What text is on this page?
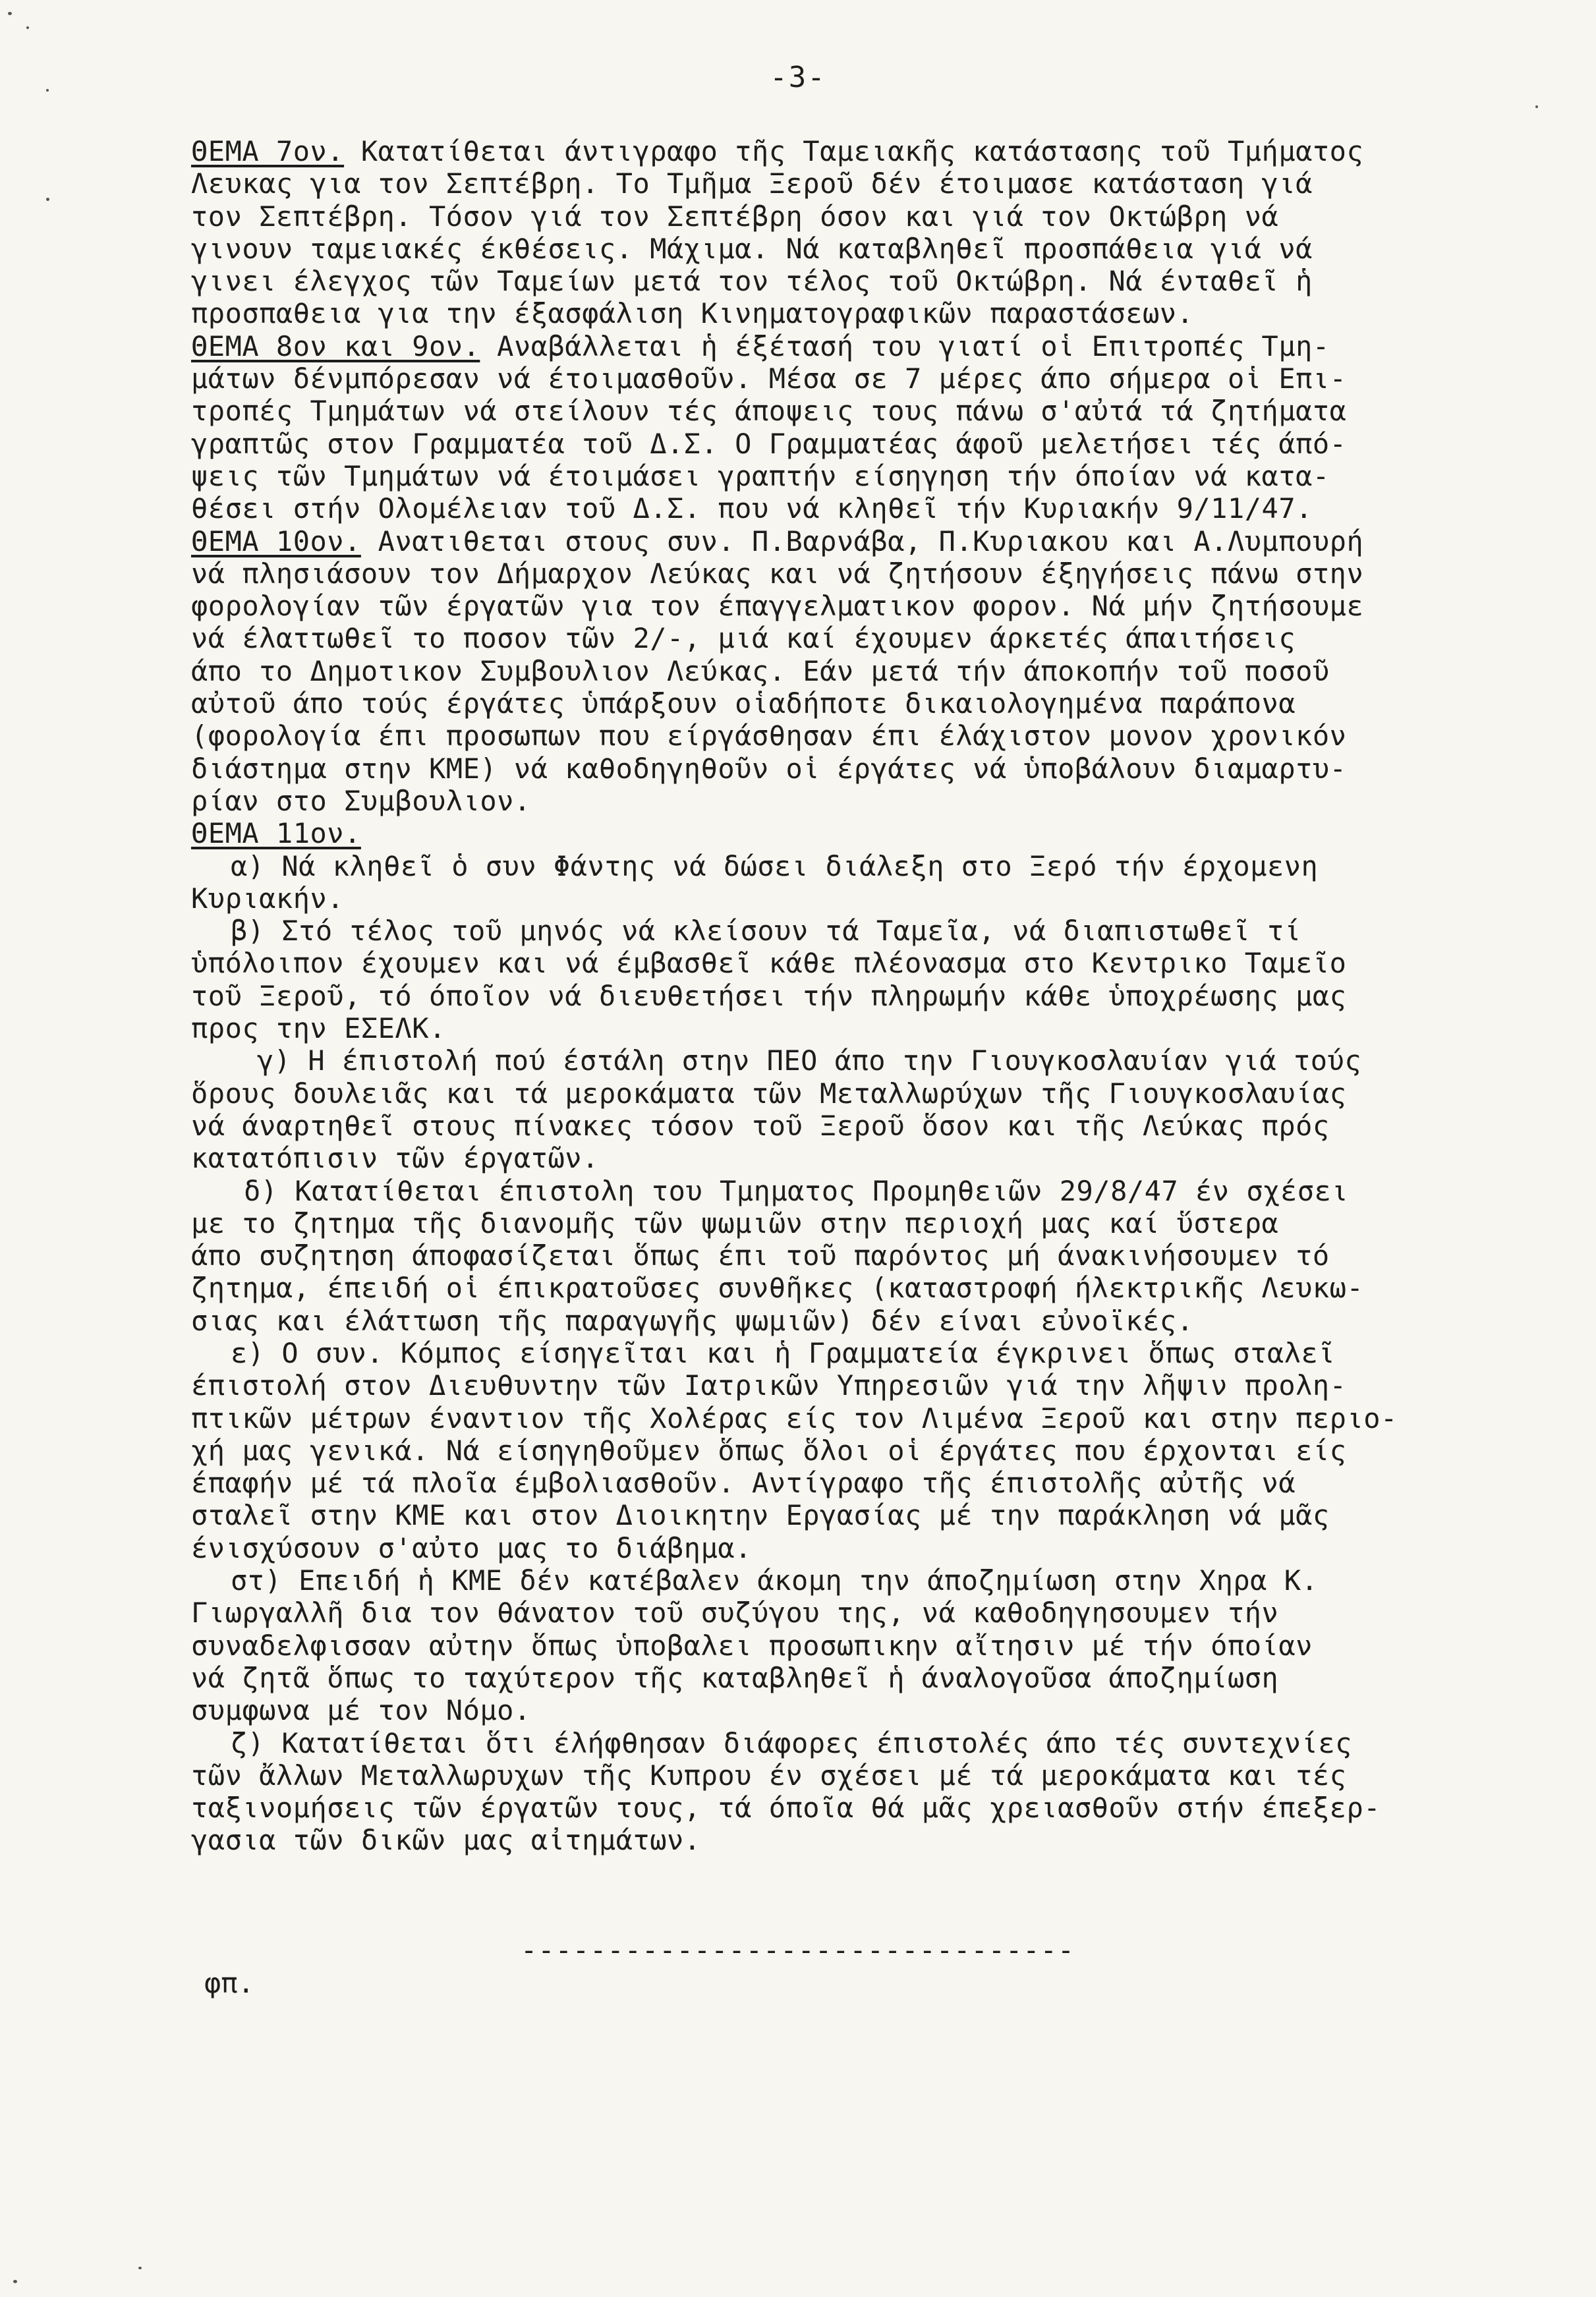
-3-
ΘΕΜΑ 7ον. Κατατίθεται άντιγραφο τῆς Ταμειακῆς κατάστασης τοῦ Τμήματος
Λευκας για τον Σεπτέβρη. Το Τμῆμα Ξεροῦ δέν έτοιμασε κατάσταση γιά
τον Σεπτέβρη. Τόσον γιά τον Σεπτέβρη όσον και γιά τον Οκτώβρη νά
γινουν ταμειακές έκθέσεις. Μάχιμα. Νά καταβληθεῖ προσπάθεια γιά νά
γινει έλεγχος τῶν Ταμείων μετά τον τέλος τοῦ Οκτώβρη. Νά ένταθεῖ ἡ
προσπαθεια για την έξασφάλιση Κινηματογραφικῶν παραστάσεων.
ΘΕΜΑ 8ον και 9ον. Αναβάλλεται ἡ έξέτασή του γιατί οἱ Επιτροπές Τμη-
μάτων δένμπόρεσαν νά έτοιμασθοῦν. Μέσα σε 7 μέρες άπο σήμερα οἱ Επι-
τροπές Τμημάτων νά στείλουν τές άποψεις τους πάνω σ'αὐτά τά ζητήματα
γραπτῶς στον Γραμματέα τοῦ Δ.Σ. Ο Γραμματέας άφοῦ μελετήσει τές άπό-
ψεις τῶν Τμημάτων νά έτοιμάσει γραπτήν είσηγηση τήν όποίαν νά κατα-
θέσει στήν Ολομέλειαν τοῦ Δ.Σ. που νά κληθεῖ τήν Κυριακήν 9/11/47.
ΘΕΜΑ 10ον. Ανατιθεται στους συν. Π.Βαρνάβα, Π.Κυριακου και Α.Λυμπουρή
νά πλησιάσουν τον Δήμαρχον Λεύκας και νά ζητήσουν έξηγήσεις πάνω στην
φορολογίαν τῶν έργατῶν για τον έπαγγελματικον φορον. Νά μήν ζητήσουμε
νά έλαττωθεῖ το ποσον τῶν 2/-, μιά καί έχουμεν άρκετές άπαιτήσεις
άπο το Δημοτικον Συμβουλιον Λεύκας. Εάν μετά τήν άποκοπήν τοῦ ποσοῦ
αὐτοῦ άπο τούς έργάτες ὑπάρξουν οἱαδήποτε δικαιολογημένα παράπονα
(φορολογία έπι προσωπων που είργάσθησαν έπι έλάχιστον μονον χρονικόν
διάστημα στην ΚΜΕ) νά καθοδηγηθοῦν οἱ έργάτες νά ὑποβάλουν διαμαρτυ-
ρίαν στο Συμβουλιον.
ΘΕΜΑ 11ον.
α) Νά κληθεῖ ὁ συν Φάντης νά δώσει διάλεξη στο Ξερό τήν έρχομενη
Κυριακήν.
β) Στό τέλος τοῦ μηνός νά κλείσουν τά Ταμεῖα, νά διαπιστωθεῖ τί
ὑπόλοιπον έχουμεν και νά έμβασθεῖ κάθε πλέονασμα στο Κεντρικο Ταμεῖο
τοῦ Ξεροῦ, τό όποῖον νά διευθετήσει τήν πληρωμήν κάθε ὑποχρέωσης μας
προς την ΕΣΕΛΚ.
γ) Η έπιστολή πού έστάλη στην ΠΕΟ άπο την Γιουγκοσλαυίαν γιά τούς
ὅρους δουλειᾶς και τά μεροκάματα τῶν Μεταλλωρύχων τῆς Γιουγκοσλαυίας
νά άναρτηθεῖ στους πίνακες τόσον τοῦ Ξεροῦ ὅσον και τῆς Λεύκας πρός
κατατόπισιν τῶν έργατῶν.
δ) Κατατίθεται έπιστολη του Τμηματος Προμηθειῶν 29/8/47 έν σχέσει
με το ζητημα τῆς διανομῆς τῶν ψωμιῶν στην περιοχή μας καί ὕστερα
άπο συζητηση άποφασίζεται ὅπως έπι τοῦ παρόντος μή άνακινήσουμεν τό
ζητημα, έπειδή οἱ έπικρατοῦσες συνθῆκες (καταστροφή ήλεκτρικῆς Λευκω-
σιας και έλάττωση τῆς παραγωγῆς ψωμιῶν) δέν είναι εὐνοϊκές.
ε) Ο συν. Κόμπος είσηγεῖται και ἡ Γραμματεία έγκρινει ὅπως σταλεῖ
έπιστολή στον Διευθυντην τῶν Ιατρικῶν Υπηρεσιῶν γιά την λῆψιν προλη-
πτικῶν μέτρων έναντιον τῆς Χολέρας είς τον Λιμένα Ξεροῦ και στην περιο-
χή μας γενικά. Νά είσηγηθοῦμεν ὅπως ὅλοι οἱ έργάτες που έρχονται είς
έπαφήν μέ τά πλοῖα έμβολιασθοῦν. Αντίγραφο τῆς έπιστολῆς αὐτῆς νά
σταλεῖ στην ΚΜΕ και στον Διοικητην Εργασίας μέ την παράκληση νά μᾶς
ένισχύσουν σ'αὐτο μας το διάβημα.
στ) Επειδή ἡ ΚΜΕ δέν κατέβαλεν άκομη την άποζημίωση στην Χηρα Κ.
Γιωργαλλῆ δια τον θάνατον τοῦ συζύγου της, νά καθοδηγησουμεν τήν
συναδελφισσαν αὐτην ὅπως ὑποβαλει προσωπικην αἴτησιν μέ τήν όποίαν
νά ζητᾶ ὅπως το ταχύτερον τῆς καταβληθεῖ ἡ άναλογοῦσα άποζημίωση
συμφωνα μέ τον Νόμο.
ζ) Κατατίθεται ὅτι έλήφθησαν διάφορες έπιστολές άπο τές συντεχνίες
τῶν ἄλλων Μεταλλωρυχων τῆς Κυπρου έν σχέσει μέ τά μεροκάματα και τές
ταξινομήσεις τῶν έργατῶν τους, τά όποῖα θά μᾶς χρειασθοῦν στήν έπεξερ-
γασια τῶν δικῶν μας αἰτημάτων.
--------------------------------
φπ.
